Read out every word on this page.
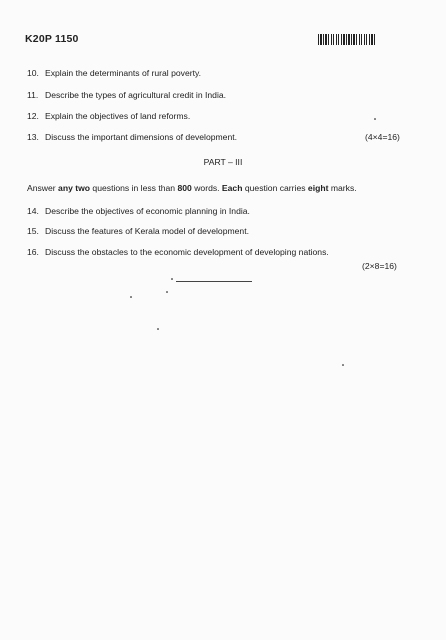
K20P 1150
10. Explain the determinants of rural poverty.
11. Describe the types of agricultural credit in India.
12. Explain the objectives of land reforms.
13. Discuss the important dimensions of development.	(4×4=16)
PART – III
Answer any two questions in less than 800 words. Each question carries eight marks.
14. Describe the objectives of economic planning in India.
15. Discuss the features of Kerala model of development.
16. Discuss the obstacles to the economic development of developing nations.
(2×8=16)
